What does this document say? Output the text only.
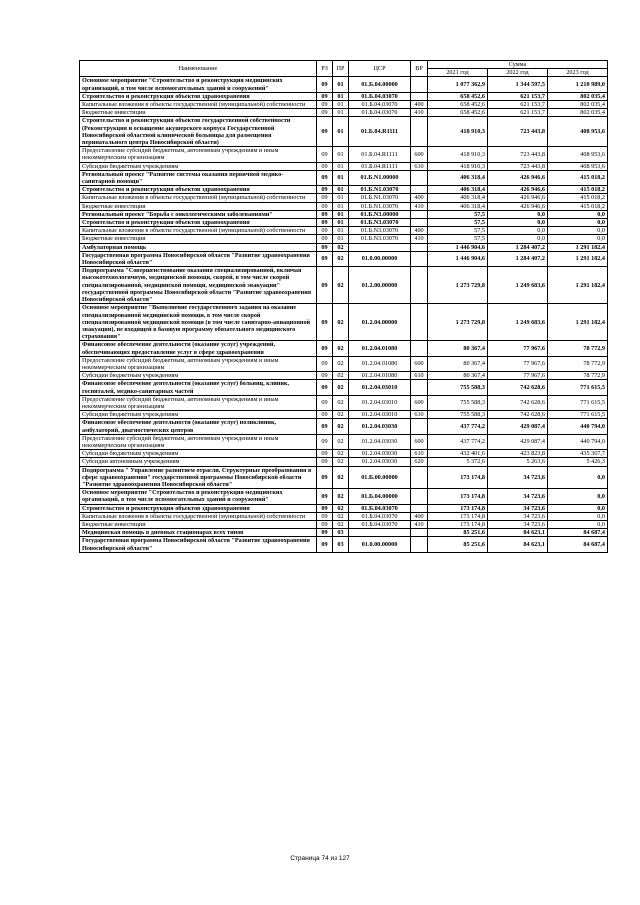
Наименование	РЗ	ПР	ЦСР	ВР	Сумма		
					2021 год	2022 год	2023 год
Основное мероприятие "Строительство и реконструкция медицинских организаций, в том числе вспомогательных зданий и сооружений"	09	01	01.Б.04.00000		1 077 362,9	1 344 597,5	1 210 989,0
Строительство и реконструкция объектов здравоохранения	09	01	01.Б.04.03070		658 452,6	621 153,7	802 035,4
Капитальные вложения в объекты государственной (муниципальной) собственности	09	01	01.Б.04.03070	400	658 452,6	621 153,7	802 035,4
Бюджетные инвестиции	09	01	01.Б.04.03070	410	658 452,6	621 153,7	802 035,4
Строительство и реконструкция объектов государственной собственности (Реконструкция и оснащение акушерского корпуса Государственной Новосибирской областной клинической больницы для размещения перинатального центра Новосибирской области)	09	01	01.Б.04.R1111		418 910,3	723 443,8	408 953,6
Предоставление субсидий бюджетным, автономным учреждениям и иным некоммерческим организациям	09	01	01.Б.04.R1111	600	418 910,3	723 443,8	408 953,6
Субсидии бюджетным учреждениям	09	01	01.Б.04.R1111	610	418 910,3	723 443,8	408 953,6
Региональный проект "Развитие системы оказания первичной медико-санитарной помощи"	09	01	01.Б.N1.00000		406 318,4	426 946,6	415 018,2
Строительство и реконструкция объектов здравоохранения	09	01	01.Б.N1.03070		406 318,4	426 946,6	415 018,2
Капитальные вложения в объекты государственной (муниципальной) собственности	09	01	01.Б.N1.03070	400	406 318,4	426 946,6	415 018,2
Бюджетные инвестиции	09	01	01.Б.N1.03070	410	406 318,4	426 946,6	415 018,2
Региональный проект "Борьба с онкологическими заболеваниями"	09	01	01.Б.N3.00000		57,5	0,0	0,0
Строительство и реконструкция объектов здравоохранения	09	01	01.Б.N3.03070		57,5	0,0	0,0
Капитальные вложения в объекты государственной (муниципальной) собственности	09	01	01.Б.N3.03070	400	57,5	0,0	0,0
Бюджетные инвестиции	09	01	01.Б.N3.03070	410	57,5	0,0	0,0
Амбулаторная помощь	09	02			1 446 904,6	1 284 407,2	1 291 182,4
Государственная программа Новосибирской области "Развитие здравоохранения Новосибирской области"	09	02	01.0.00.00000		1 446 904,6	1 284 407,2	1 291 182,4
Подпрограмма "Совершенствование оказания специализированной, включая высокотехнологичную, медицинской помощи, скорой, в том числе скорой специализированной, медицинской помощи, медицинской эвакуации" государственной программы Новосибирской области "Развитие здравоохранения Новосибирской области"	09	02	01.2.00.00000		1 273 729,8	1 249 683,6	1 291 182,4
Основное мероприятие "Выполнение государственного задания на оказание специализированной медицинской помощи, в том числе скорой специализированной медицинской помощи (в том числе санитарно-авиационной эвакуации), не входящей в базовую программу обязательного медицинского страхования"	09	02	01.2.04.00000		1 273 729,8	1 249 683,6	1 291 182,4
Финансовое обеспечение деятельности (оказание услуг) учреждений, обеспечивающих предоставление услуг в сфере здравоохранения	09	02	01.2.04.01080		80 367,4	77 967,6	78 772,9
Предоставление субсидий бюджетным, автономным учреждениям и иным некоммерческим организациям	09	02	01.2.04.01080	600	80 367,4	77 967,6	78 772,9
Субсидии бюджетным учреждениям	09	02	01.2.04.01080	610	80 367,4	77 967,6	78 772,9
Финансовое обеспечение деятельности (оказание услуг) больниц, клиник, госпиталей, медико-санитарных частей	09	02	01.2.04.03010		755 588,3	742 628,6	771 615,5
Предоставление субсидий бюджетным, автономным учреждениям и иным некоммерческим организациям	09	02	01.2.04.03010	600	755 588,3	742 628,6	771 615,5
Субсидии бюджетным учреждениям	09	02	01.2.04.03010	610	755 588,3	742 628,6	771 615,5
Финансовое обеспечение деятельности (оказание услуг) поликлиник, амбулаторий, диагностических центров	09	02	01.2.04.03030		437 774,2	429 087,4	440 794,0
Предоставление субсидий бюджетным, автономным учреждениям и иным некоммерческим организациям	09	02	01.2.04.03030	600	437 774,2	429 087,4	440 794,0
Субсидии бюджетным учреждениям	09	02	01.2.04.03030	610	432 401,6	423 823,8	435 367,7
Субсидии автономным учреждениям	09	02	01.2.04.03030	620	5 372,6	5 263,6	5 426,3
Подпрограмма " Управление развитием отрасли. Структурные преобразования в сфере здравоохранения" государственной программы Новосибирской области "Развитие здравоохранения Новосибирской области"	09	02	01.Б.00.00000		173 174,8	34 723,6	0,0
Основное мероприятие "Строительство и реконструкция медицинских организаций, в том числе вспомогательных зданий и сооружений"	09	02	01.Б.04.00000		173 174,8	34 723,6	0,0
Строительство и реконструкция объектов здравоохранения	09	02	01.Б.04.03070		173 174,8	34 723,6	0,0
Капитальные вложения в объекты государственной (муниципальной) собственности	09	02	01.Б.04.03070	400	173 174,8	34 723,6	0,0
Бюджетные инвестиции	09	02	01.Б.04.03070	410	173 174,8	34 723,6	0,0
Медицинская помощь в дневных стационарах всех типов	09	03			85 251,6	84 623,1	84 687,4
Государственная программа Новосибирской области "Развитие здравоохранения Новосибирской области"	09	03	01.0.00.00000		85 251,6	84 623,1	84 687,4
Страница 74 из 127
